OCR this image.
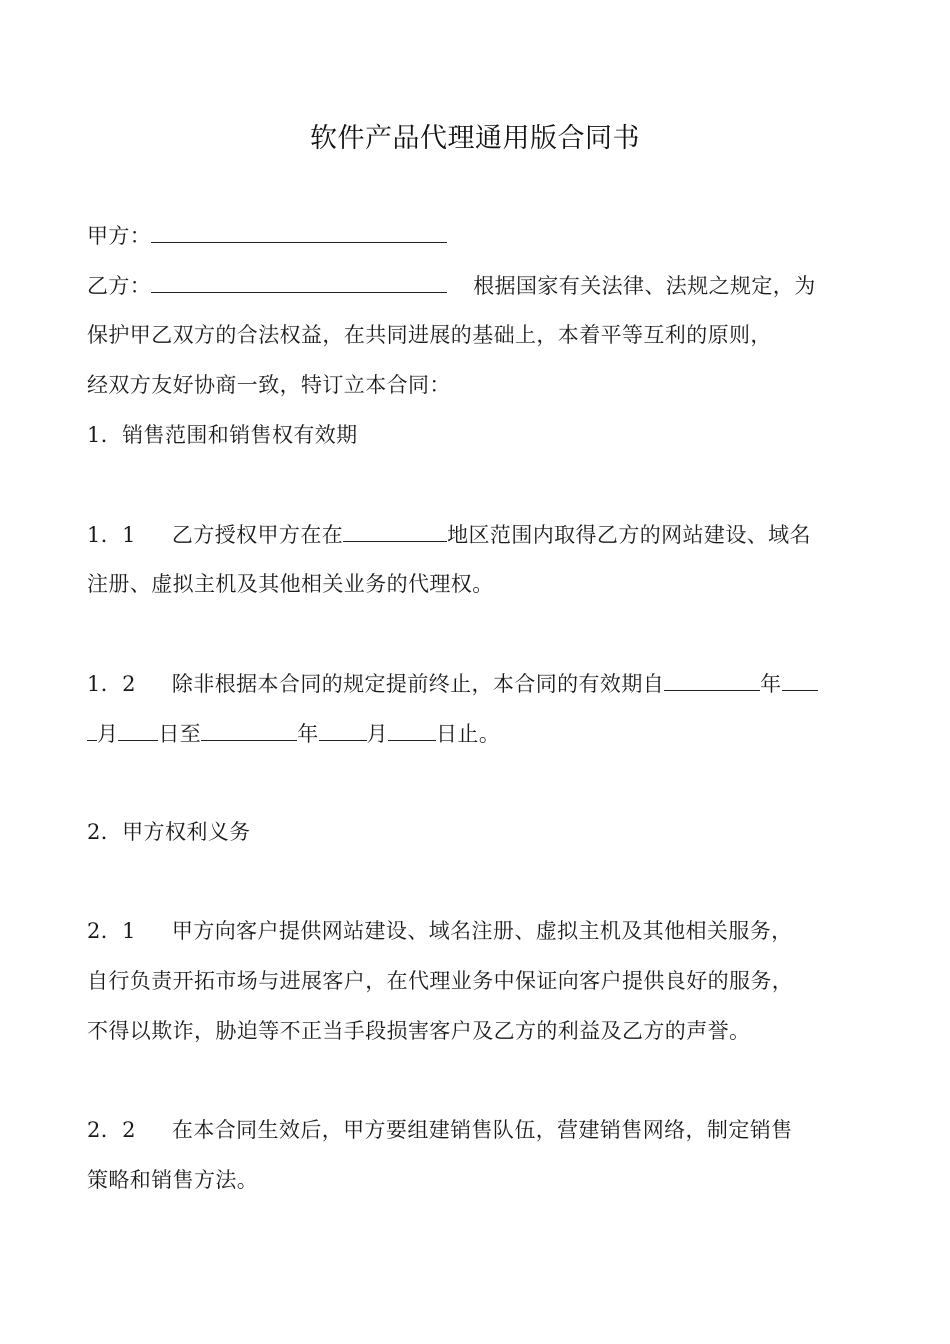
软件产品代理通用版合同书
甲方：
乙方：	根据国家有关法律、法规之规定，为
保护甲乙双方的合法权益，在共同进展的基础上，本着平等互利的原则，
经双方友好协商一致，特订立本合同：
1．销售范围和销售权有效期
1．1 乙方授权甲方在在	地区范围内取得乙方的网站建设、域名
注册、虚拟主机及其他相关业务的代理权。
1．2 除非根据本合同的规定提前终止，本合同的有效期自	年
月 日至	年 月 日止。
2．甲方权利义务
2．1 甲方向客户提供网站建设、域名注册、虚拟主机及其他相关服务，
自行负责开拓市场与进展客户，在代理业务中保证向客户提供良好的服务，
不得以欺诈，胁迫等不正当手段损害客户及乙方的利益及乙方的声誉。
2．2 在本合同生效后，甲方要组建销售队伍，营建销售网络，制定销售
策略和销售方法。
